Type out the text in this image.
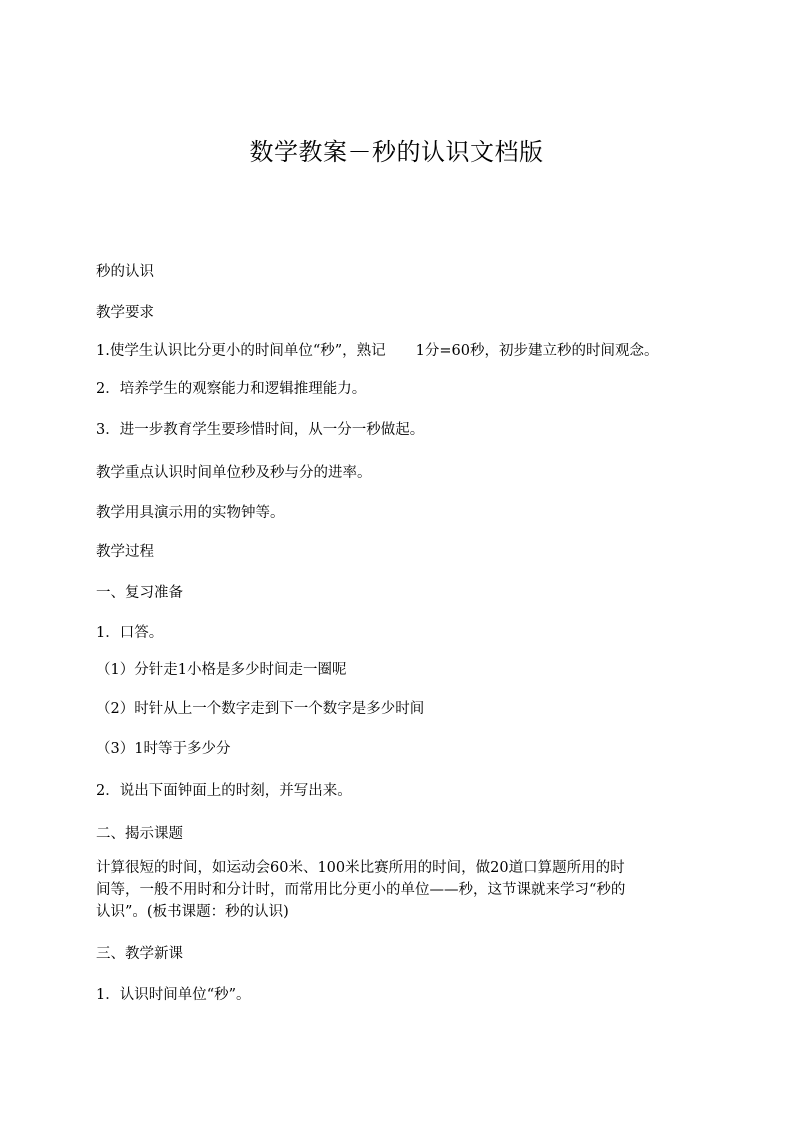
数学教案－秒的认识文档版
秒的认识
教学要求
1.使学生认识比分更小的时间单位“秒”，熟记 1分=60秒，初步建立秒的时间观念。
2．培养学生的观察能力和逻辑推理能力。
3．进一步教育学生要珍惜时间，从一分一秒做起。
教学重点认识时间单位秒及秒与分的进率。
教学用具演示用的实物钟等。
教学过程
一、复习准备
1．口答。
（1）分针走1小格是多少时间走一圈呢
（2）时针从上一个数字走到下一个数字是多少时间
（3）1时等于多少分
2．说出下面钟面上的时刻，并写出来。
二、揭示课题
计算很短的时间，如运动会60米、100米比赛所用的时间，做20道口算题所用的时
间等，一般不用时和分计时，而常用比分更小的单位——秒，这节课就来学习“秒的
认识”。(板书课题：秒的认识)
三、教学新课
1．认识时间单位“秒”。
